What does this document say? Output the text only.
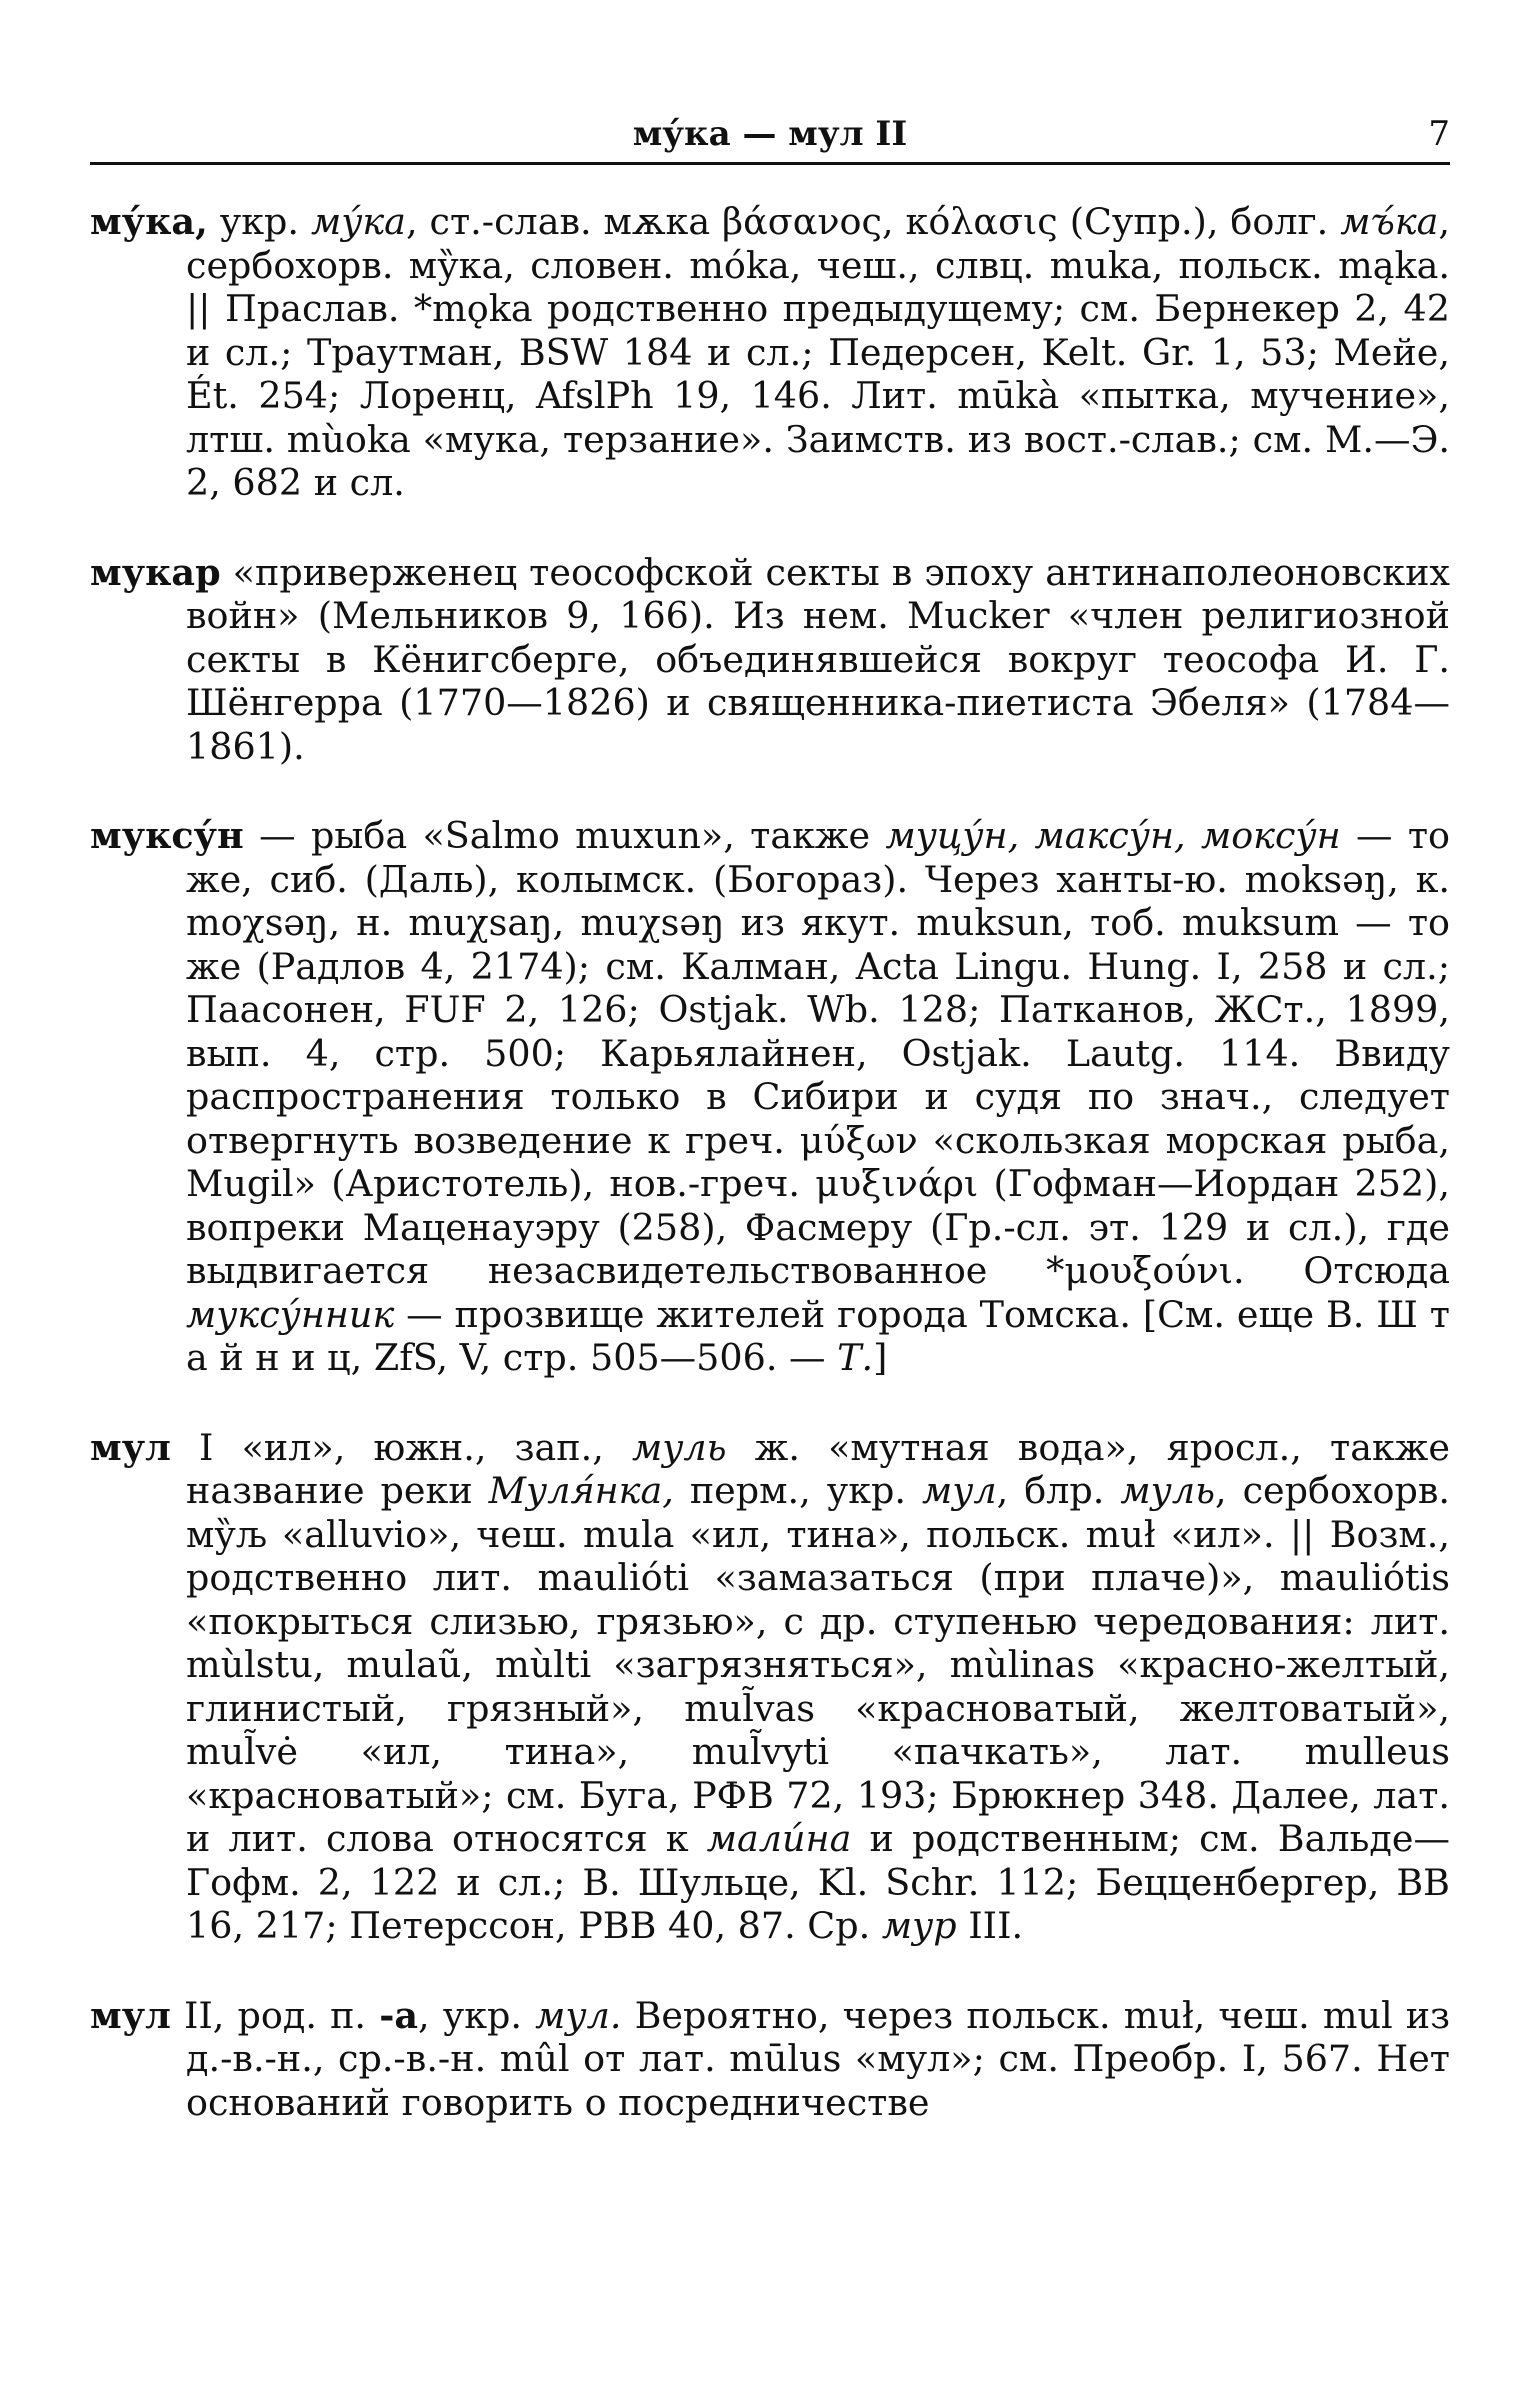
му́ка — мул II	7

му́ка, укр. му́ка, ст.-слав. мѫка βάσανος, κόλασις (Супр.), болг. мъ́ка, сербохорв. му̏ка, словен. mо́ka, чеш., слвц. muka, польск. mąka. || Праслав. *mǫka родственно предыдущему; см. Бернекер 2, 42 и сл.; Траутман, BSW 184 и сл.; Педерсен, Kelt. Gr. 1, 53; Мейе, Ét. 254; Лоренц, AfslPh 19, 146. Лит. mūkà «пытка, мучение», лтш. mùoka «мука, терзание». Заимств. из вост.-слав.; см. М.—Э. 2, 682 и сл.

мукар «приверженец теософской секты в эпоху антинаполеоновских войн» (Мельников 9, 166). Из нем. Mucker «член религиозной секты в Кёнигсберге, объединявшейся вокруг теософа И. Г. Шёнгерра (1770—1826) и священника-пиетиста Эбеля» (1784—1861).

муксу́н — рыба «Salmo muxun», также муцу́н, максу́н, моксу́н — то же, сиб. (Даль), колымск. (Богораз). Через ханты-ю. moksəŋ, к. moχsəŋ, н. muχsaŋ, muχsəŋ из якут. muksun, тоб. muksum — то же (Радлов 4, 2174); см. Калман, Acta Lingu. Hung. I, 258 и сл.; Паасонен, FUF 2, 126; Ostjak. Wb. 128; Патканов, ЖСт., 1899, вып. 4, стр. 500; Карьялайнен, Ostjak. Lautg. 114. Ввиду распространения только в Сибири и судя по знач., следует отвергнуть возведение к греч. μύξων «скользкая морская рыба, Mugil» (Аристотель), нов.-греч. μυξινάρι (Гофман—Иордан 252), вопреки Маценауэру (258), Фасмеру (Гр.-сл. эт. 129 и сл.), где выдвигается незасвидетельствованное *μουξούνι. Отсюда муксу́нник — прозвище жителей города Томска. [См. еще В. Ш т а й н и ц, ZfS, V, стр. 505—506. — Т.]

мул I «ил», южн., зап., муль ж. «мутная вода», яросл., также название реки Муля́нка, перм., укр. мул, блр. муль, сербохорв. му̏љ «alluvio», чеш. mula «ил, тина», польск. muł «ил». || Возм., родственно лит. maulióti «замазаться (при плаче)», mauliótis «покрыться слизью, грязью», с др. ступенью чередования: лит. mùlstu, mulaũ, mùlti «загрязняться», mùlinas «красно-желтый, глинистый, грязный», mul̃vas «красноватый, желтоватый», mul̃vė «ил, тина», mul̃vyti «пачкать», лат. mulleus «красноватый»; см. Буга, РФВ 72, 193; Брюкнер 348. Далее, лат. и лит. слова относятся к мали́на и родственным; см. Вальде—Гофм. 2, 122 и сл.; В. Шульце, Kl. Schr. 112; Бецценбергер, BB 16, 217; Петерссон, PBB 40, 87. Ср. мур III.

мул II, род. п. -а, укр. мул. Вероятно, через польск. muł, чеш. mul из д.-в.-н., ср.-в.-н. mûl от лат. mūlus «мул»; см. Преобр. I, 567. Нет оснований говорить о посредничестве
